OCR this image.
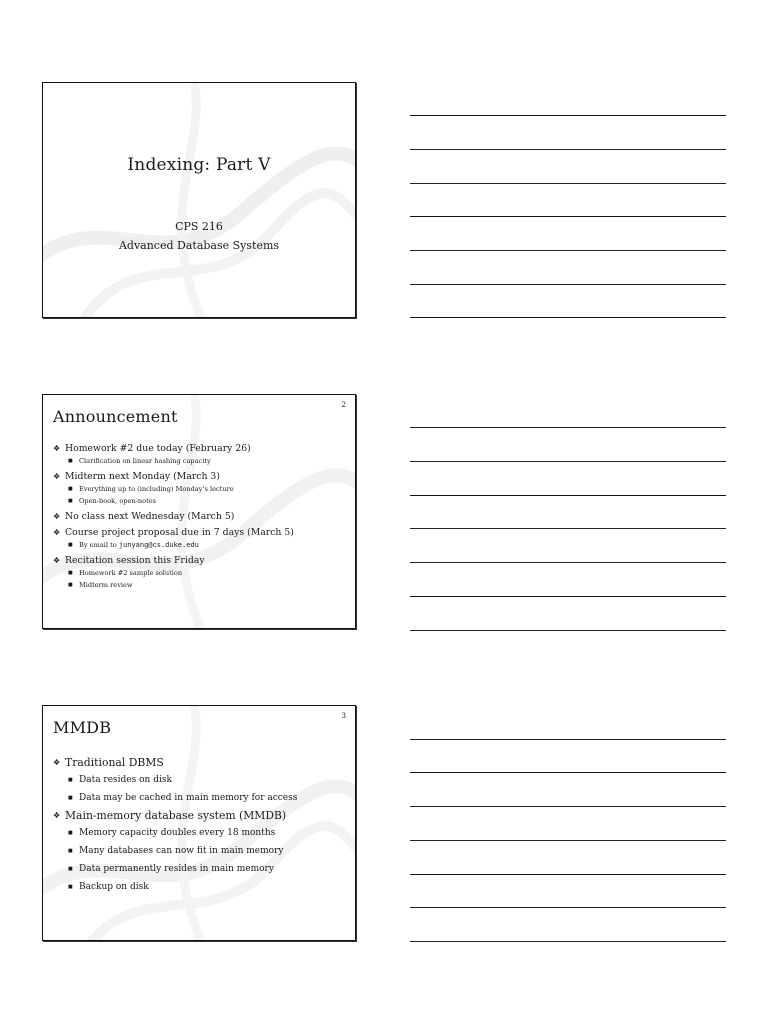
Indexing: Part V
CPS 216
Advanced Database Systems
2
Announcement
❖ Homework #2 due today (February 26)
■ Clarification on linear hashing capacity
❖ Midterm next Monday (March 3)
■ Everything up to (including) Monday’s lecture
■ Open-book, open-notes
❖ No class next Wednesday (March 5)
❖ Course project proposal due in 7 days (March 5)
■ By email to junyang@cs.duke.edu
❖ Recitation session this Friday
■ Homework #2 sample solution
■ Midterm review
3
MMDB
❖ Traditional DBMS
■ Data resides on disk
■ Data may be cached in main memory for access
❖ Main-memory database system (MMDB)
■ Memory capacity doubles every 18 months
■ Many databases can now fit in main memory
■ Data permanently resides in main memory
■ Backup on disk
